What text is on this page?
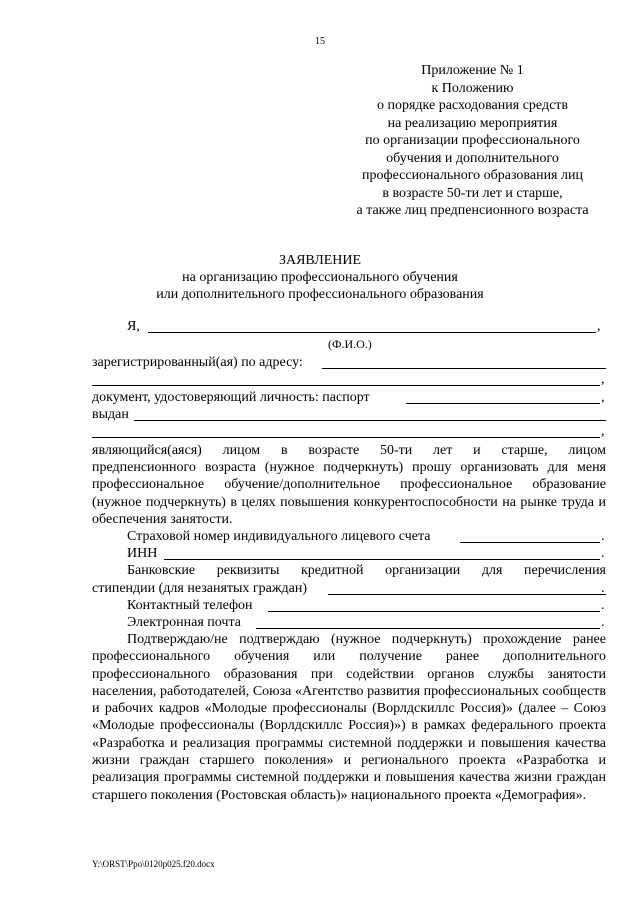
15
Приложение № 1
к Положению
о порядке расходования средств
на реализацию мероприятия
по организации профессионального
обучения и дополнительного
профессионального образования лиц
в возрасте 50-ти лет и старше,
а также лиц предпенсионного возраста
ЗАЯВЛЕНИЕ
на организацию профессионального обучения
или дополнительного профессионального образования
Я,	,
(Ф.И.О.)
зарегистрированный(ая) по адресу:
,
документ, удостоверяющий личность: паспорт	,
выдан
,
являющийся(аяся) лицом в возрасте 50-ти лет и старше, лицом

предпенсионного возраста (нужное подчеркнуть) прошу организовать для меня профессиональное обучение/дополнительное профессиональное образование (нужное подчеркнуть) в целях повышения конкурентоспособности на рынке труда и обеспечения занятости.

Страховой номер индивидуального лицевого счета	.
ИНН	.
Банковские реквизиты кредитной организации для перечисления
стипендии (для незанятых граждан)	.
Контактный телефон	.
Электронная почта	.

Подтверждаю/не подтверждаю (нужное подчеркнуть) прохождение ранее профессионального обучения или получение ранее дополнительного профессионального образования при содействии органов службы занятости населения, работодателей, Союза «Агентство развития профессиональных сообществ и рабочих кадров «Молодые профессионалы (Ворлдскиллс Россия)» (далее – Союз «Молодые профессионалы (Ворлдскиллс Россия)») в рамках федерального проекта «Разработка и реализация программы системной поддержки и повышения качества жизни граждан старшего поколения» и регионального проекта «Разработка и реализация программы системной поддержки и повышения качества жизни граждан старшего поколения (Ростовская область)» национального проекта «Демография».

Y:\ORST\Ppo\0120p025.f20.docx
